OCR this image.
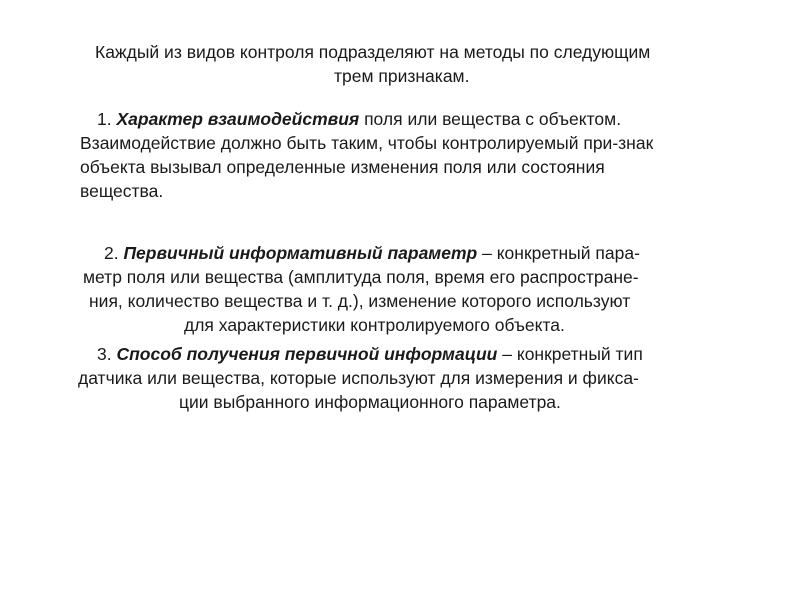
Каждый из видов контроля подразделяют на методы по следующим
трем признакам.
1. Характер взаимодействия поля или вещества с объектом.
Взаимодействие должно быть таким, чтобы контролируемый при-знак
объекта вызывал определенные изменения поля или состояния
вещества.
2. Первичный информативный параметр – конкретный пара-
метр поля или вещества (амплитуда поля, время его распростране-
ния, количество вещества и т. д.), изменение которого используют
для характеристики контролируемого объекта.
3. Способ получения первичной информации – конкретный тип
датчика или вещества, которые используют для измерения и фикса-
ции выбранного информационного параметра.
